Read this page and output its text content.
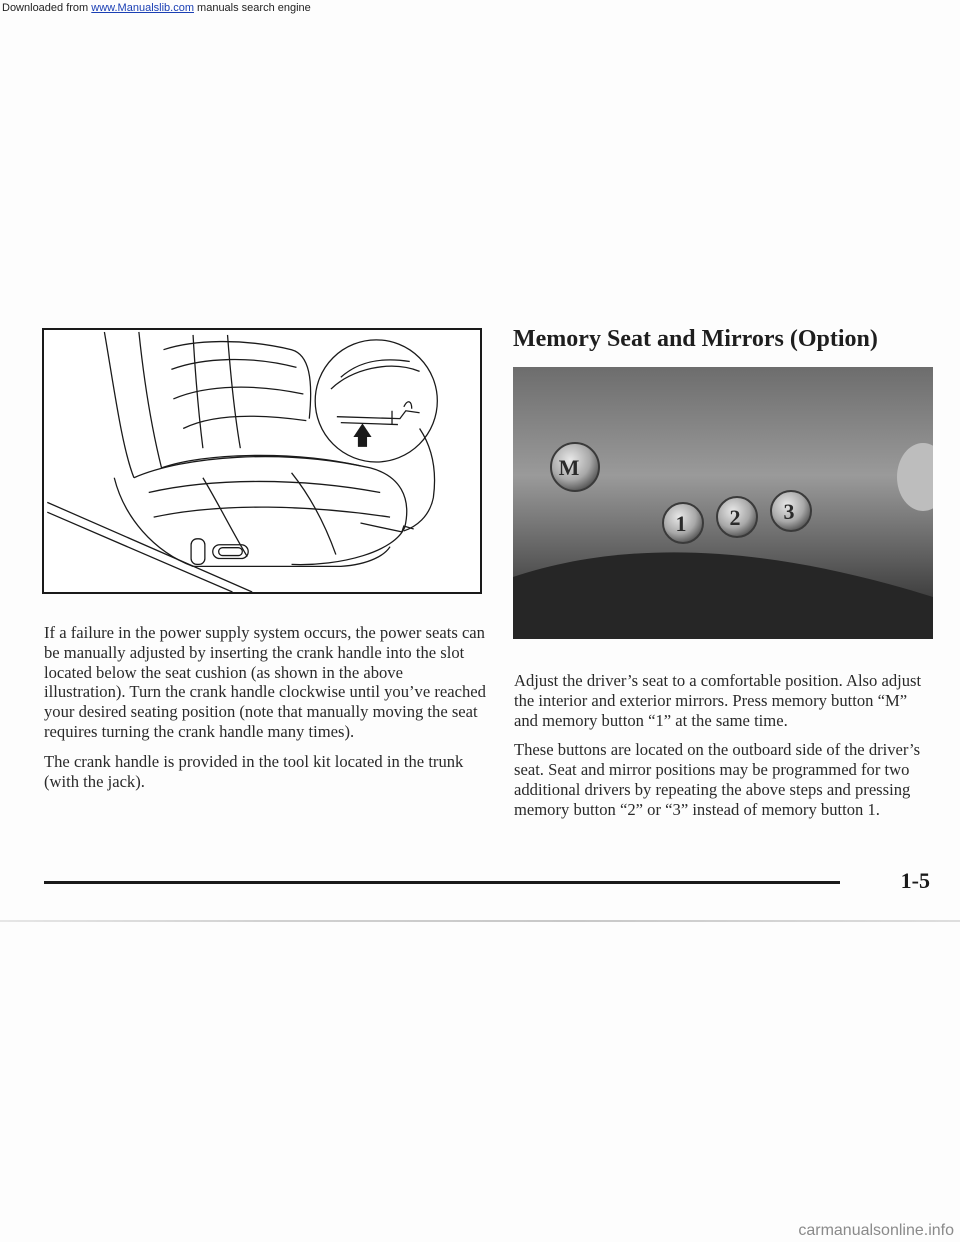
Downloaded from www.Manualslib.com manuals search engine
Memory Seat and Mirrors (Option)
M
1 2 3

If a failure in the power supply system occurs, the power seats can be manually adjusted by inserting the crank handle into the slot located below the seat cushion (as shown in the above illustration). Turn the crank handle clockwise until you’ve reached your desired seating position (note that manually moving the seat requires turning the crank handle many times).

The crank handle is provided in the tool kit located in the trunk (with the jack).

Adjust the driver’s seat to a comfortable position. Also adjust the interior and exterior mirrors. Press memory button “M” and memory button “1” at the same time.

These buttons are located on the outboard side of the driver’s seat. Seat and mirror positions may be programmed for two additional drivers by repeating the above steps and pressing memory button “2” or “3” instead of memory button 1.

1-5
carmanualsonline.info
